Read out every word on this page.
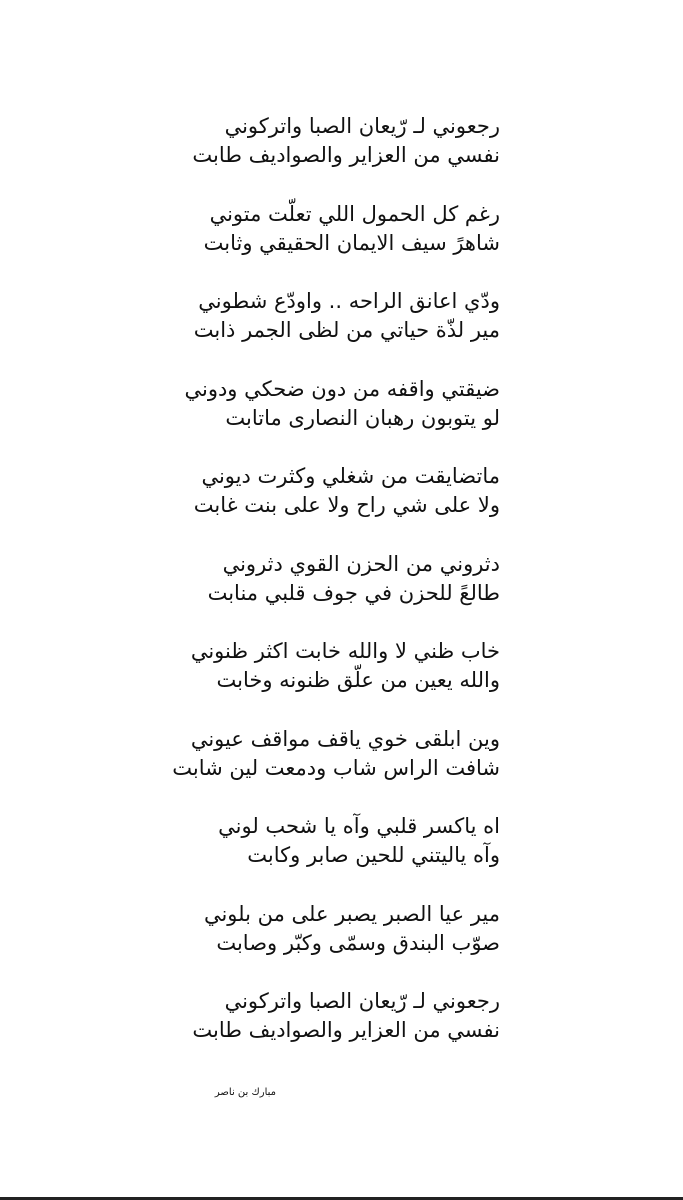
رجعوني لـ رّيعان الصبا واتركوني
نفسي من العزاير والصواديف طابت
رغم كل الحمول اللي تعلّت متوني
شاهرً سيف الايمان الحقيقي وثابت
ودّي اعانق الراحه .. واودّع شطوني
مير لذّة حياتي من لظى الجمر ذابت
ضيقتي واقفه من دون ضحكي ودوني
لو يتوبون رهبان النصارى ماتابت
ماتضايقت من شغلي وكثرت ديوني
ولا على شي راح ولا على بنت غابت
دثروني من الحزن القوي دثروني
طالعً للحزن في جوف قلبي منابت
خاب ظني لا والله خابت اكثر ظنوني
والله يعين من علّق ظنونه وخابت
وين ابلقى خوي ياقف مواقف عيوني
شافت الراس شاب ودمعت لين شابت
اه ياكسر قلبي وآه يا شحب لوني
وآه ياليتني للحين صابر وكابت
مير عيا الصبر يصبر على من بلوني
صوّب البندق وسمّى وكبّر وصابت
رجعوني لـ رّيعان الصبا واتركوني
نفسي من العزاير والصواديف طابت
مبارك بن ناصر
